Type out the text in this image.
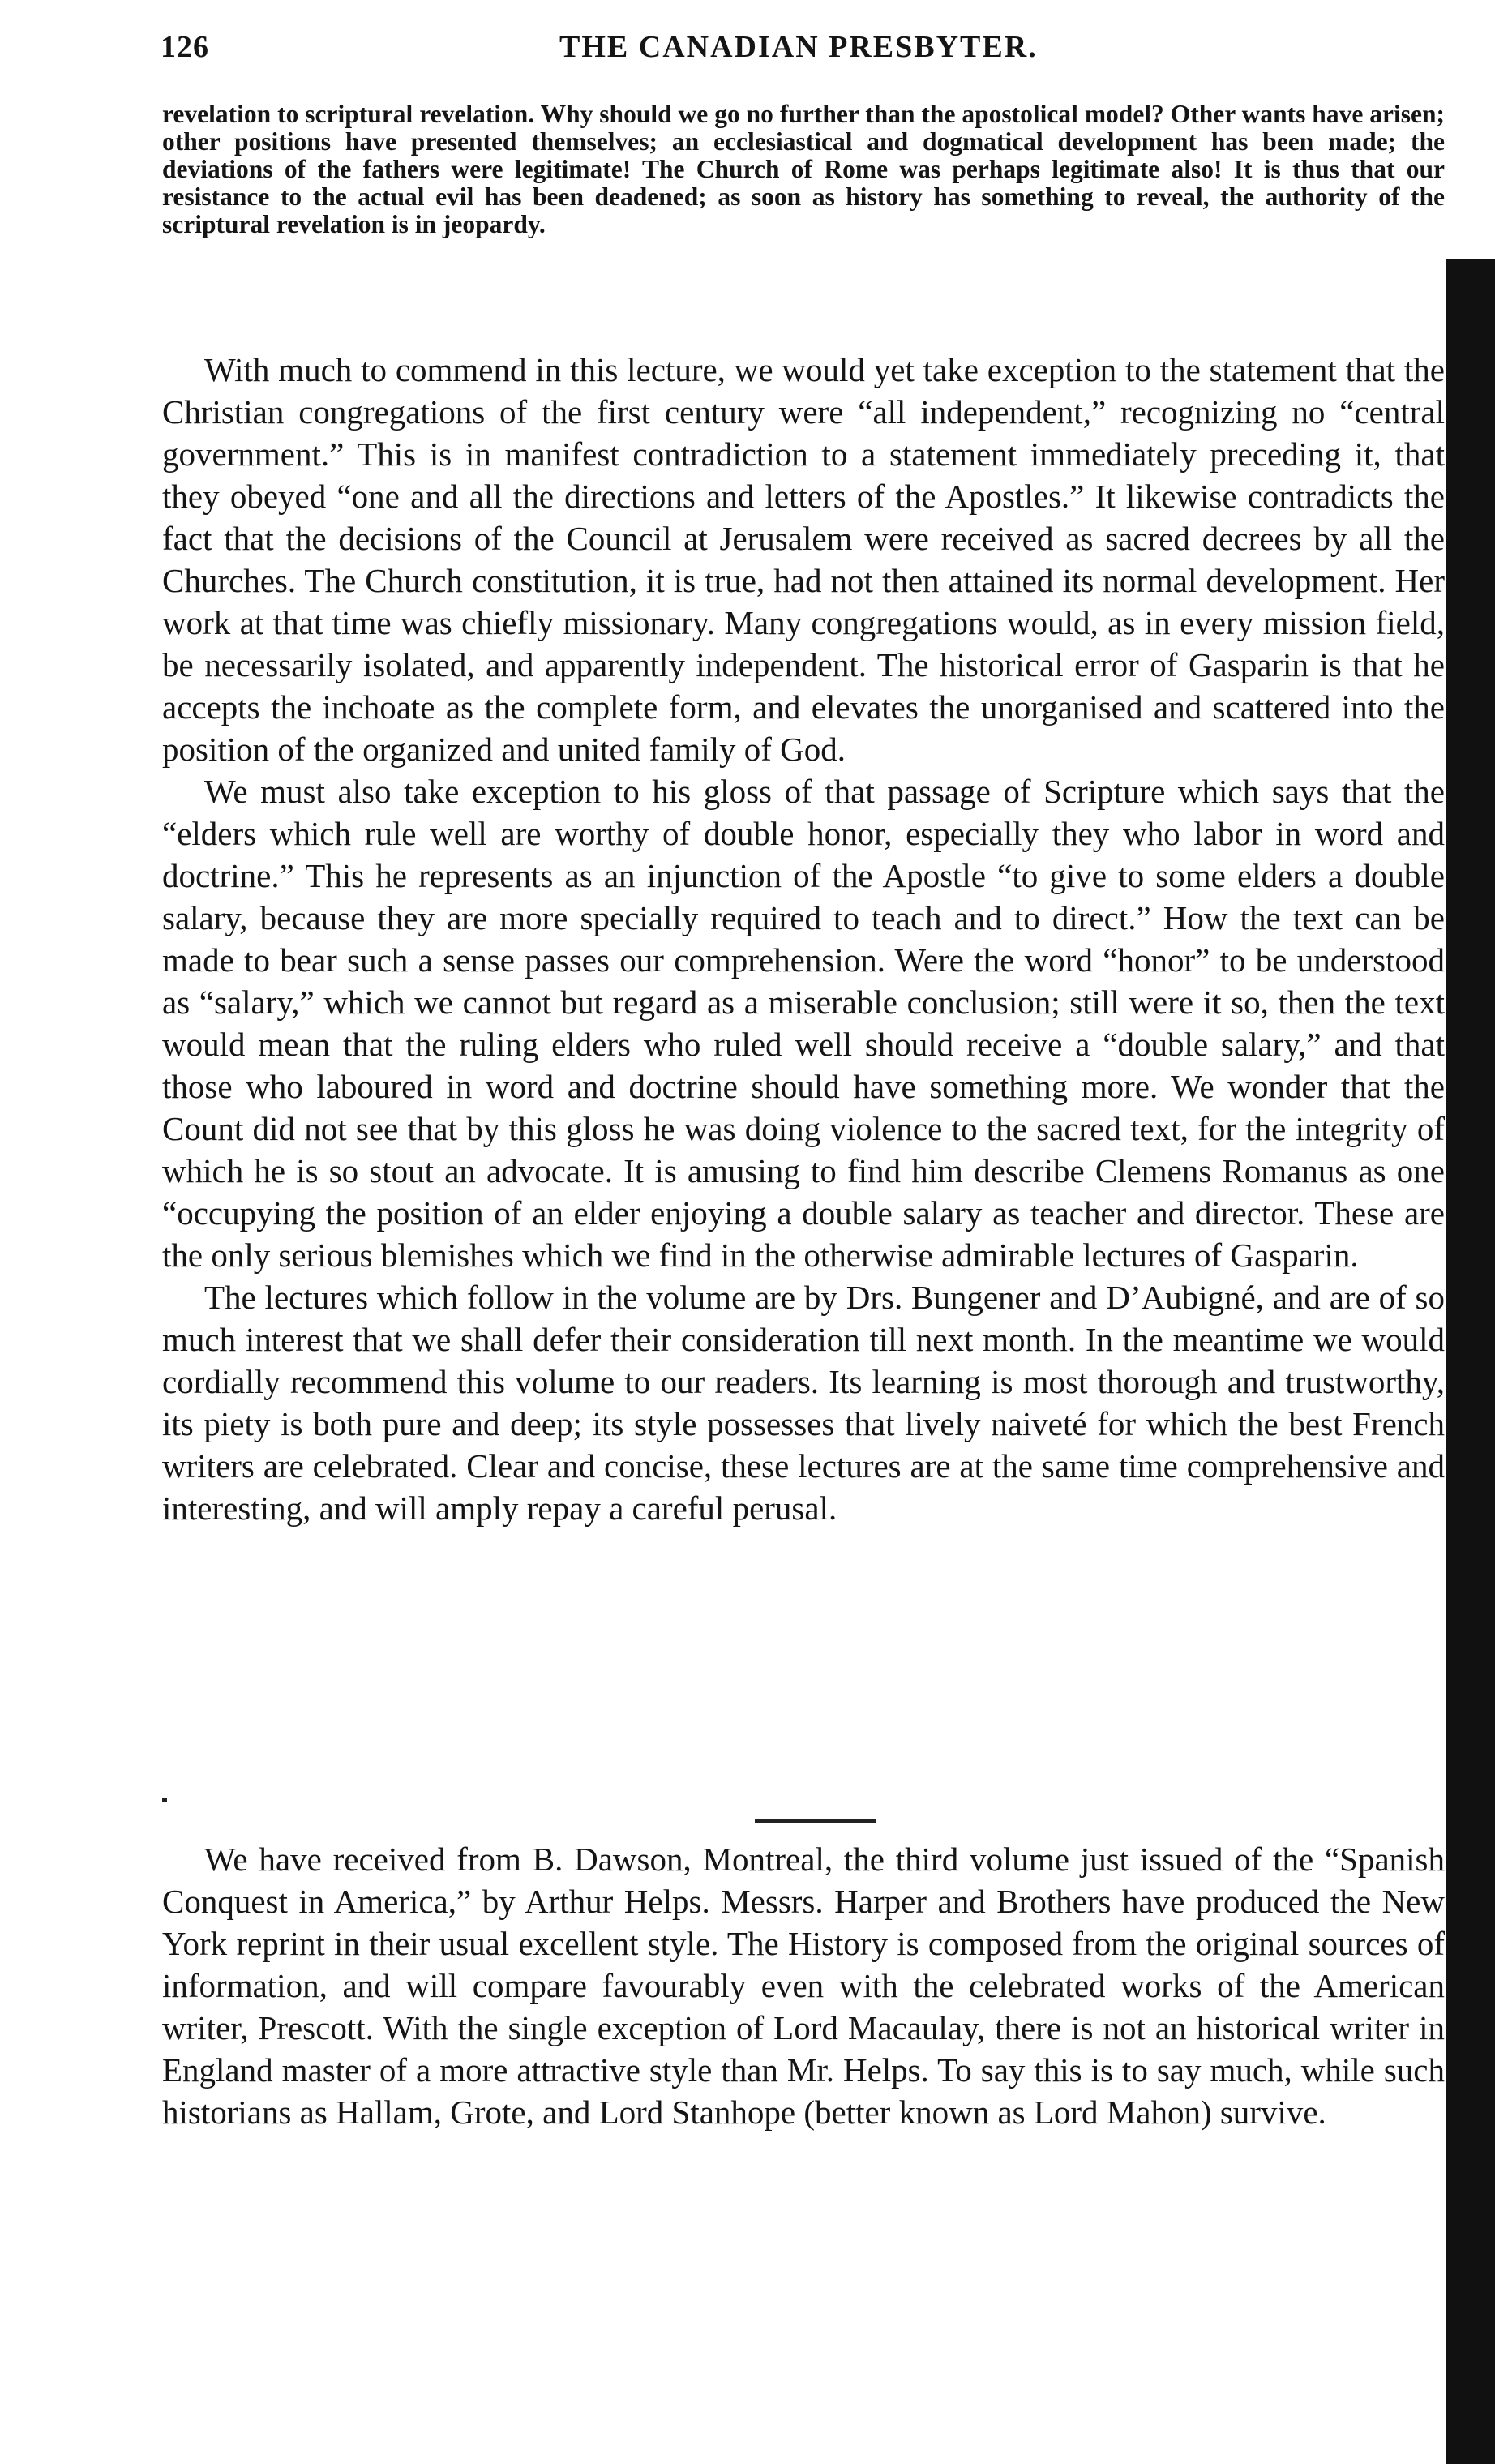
126	THE CANADIAN PRESBYTER.

revelation to scriptural revelation. Why should we go no further than the apostolical model? Other wants have arisen; other positions have presented themselves; an ecclesiastical and dogmatical development has been made; the deviations of the fathers were legitimate! The Church of Rome was perhaps legitimate also! It is thus that our resistance to the actual evil has been deadened; as soon as history has something to reveal, the authority of the scriptural revelation is in jeopardy.

With much to commend in this lecture, we would yet take exception to the statement that the Christian congregations of the first century were “all independent,” recognizing no “central government.” This is in manifest contradiction to a statement immediately preceding it, that they obeyed “one and all the directions and letters of the Apostles.” It likewise contradicts the fact that the decisions of the Council at Jerusalem were received as sacred decrees by all the Churches. The Church constitution, it is true, had not then attained its normal development. Her work at that time was chiefly missionary. Many congregations would, as in every mission field, be necessarily isolated, and apparently independent. The historical error of Gasparin is that he accepts the inchoate as the complete form, and elevates the unorganised and scattered into the position of the organized and united family of God.

We must also take exception to his gloss of that passage of Scripture which says that the “elders which rule well are worthy of double honor, especially they who labor in word and doctrine.” This he represents as an injunction of the Apostle “to give to some elders a double salary, because they are more specially required to teach and to direct.” How the text can be made to bear such a sense passes our comprehension. Were the word “honor” to be understood as “salary,” which we cannot but regard as a miserable conclusion; still were it so, then the text would mean that the ruling elders who ruled well should receive a “double salary,” and that those who laboured in word and doctrine should have something more. We wonder that the Count did not see that by this gloss he was doing violence to the sacred text, for the integrity of which he is so stout an advocate. It is amusing to find him describe Clemens Romanus as one “occupying the position of an elder enjoying a double salary as teacher and director. These are the only serious blemishes which we find in the otherwise admirable lectures of Gasparin.

The lectures which follow in the volume are by Drs. Bungener and D’Aubigné, and are of so much interest that we shall defer their consideration till next month. In the meantime we would cordially recommend this volume to our readers. Its learning is most thorough and trustworthy, its piety is both pure and deep; its style possesses that lively naiveté for which the best French writers are celebrated. Clear and concise, these lectures are at the same time comprehensive and interesting, and will amply repay a careful perusal.

We have received from B. Dawson, Montreal, the third volume just issued of the “Spanish Conquest in America,” by Arthur Helps. Messrs. Harper and Brothers have produced the New York reprint in their usual excellent style. The History is composed from the original sources of information, and will compare favourably even with the celebrated works of the American writer, Prescott. With the single exception of Lord Macaulay, there is not an historical writer in England master of a more attractive style than Mr. Helps. To say this is to say much, while such historians as Hallam, Grote, and Lord Stanhope (better known as Lord Mahon) survive.
